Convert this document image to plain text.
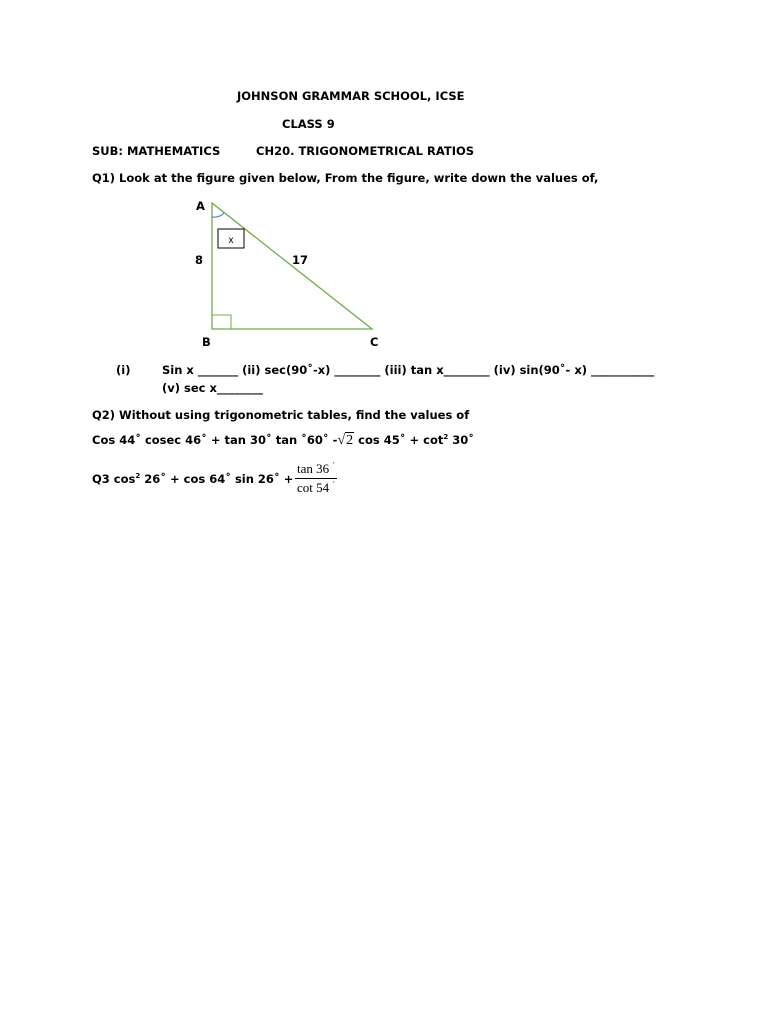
JOHNSON GRAMMAR SCHOOL, ICSE
CLASS 9
SUB: MATHEMATICS	CH20. TRIGONOMETRICAL RATIOS
Q1) Look at the figure given below, From the figure, write down the values of,
x
A
8	17
B	C
(i)	Sin x _______ (ii) sec(90˚-x) ________ (iii) tan x________ (iv) sin(90˚- x) ___________
(v) sec x________
Q2) Without using trigonometric tables, find the values of
Cos 44˚ cosec 46˚ + tan 30˚ tan ˚60˚ -√2 cos 45˚ + $\cot^2$ 30˚
Q3 $\cos^2$ 26˚ + cos 64˚ sin 26˚ +
tan 36 ˚
cot 54 ˚
